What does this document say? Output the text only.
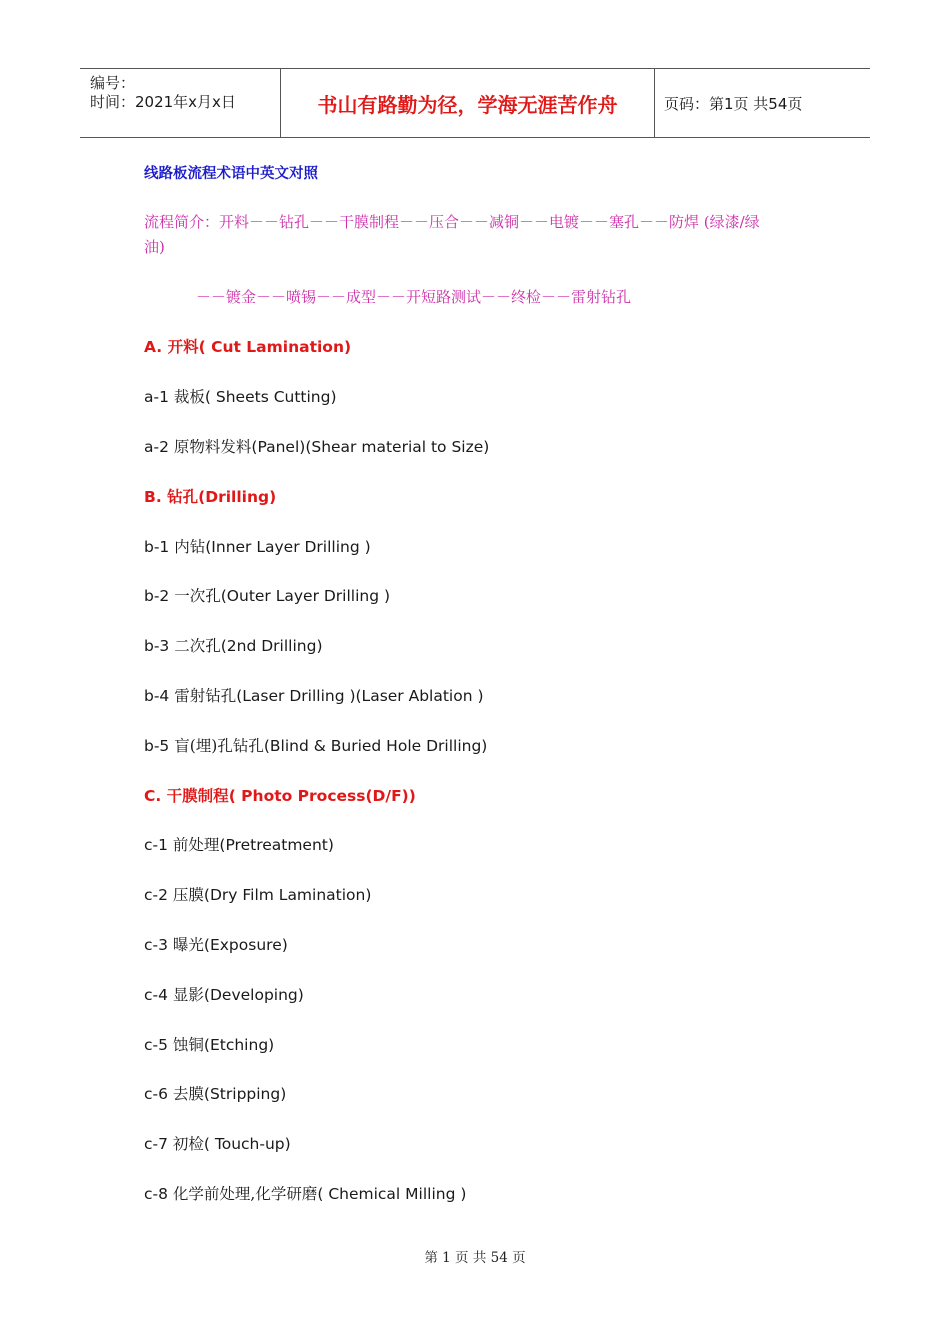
编号：
时间：2021年x月x日	书山有路勤为径，学海无涯苦作舟	页码：第1页 共54页
线路板流程术语中英文对照
流程简介：开料－－钻孔－－干膜制程－－压合－－减铜－－电镀－－塞孔－－防焊 (绿漆/绿
油)
－－镀金－－喷锡－－成型－－开短路测试－－终检－－雷射钻孔
A. 开料( Cut Lamination)
a-1 裁板( Sheets Cutting)
a-2 原物料发料(Panel)(Shear material to Size)
B. 钻孔(Drilling)
b-1 内钻(Inner Layer Drilling )
b-2 一次孔(Outer Layer Drilling )
b-3 二次孔(2nd Drilling)
b-4 雷射钻孔(Laser Drilling )(Laser Ablation )
b-5 盲(埋)孔钻孔(Blind & Buried Hole Drilling)
C. 干膜制程( Photo Process(D/F))
c-1 前处理(Pretreatment)
c-2 压膜(Dry Film Lamination)
c-3 曝光(Exposure)
c-4 显影(Developing)
c-5 蚀铜(Etching)
c-6 去膜(Stripping)
c-7 初检( Touch-up)
c-8 化学前处理,化学研磨( Chemical Milling )
第 1 页 共 54 页
